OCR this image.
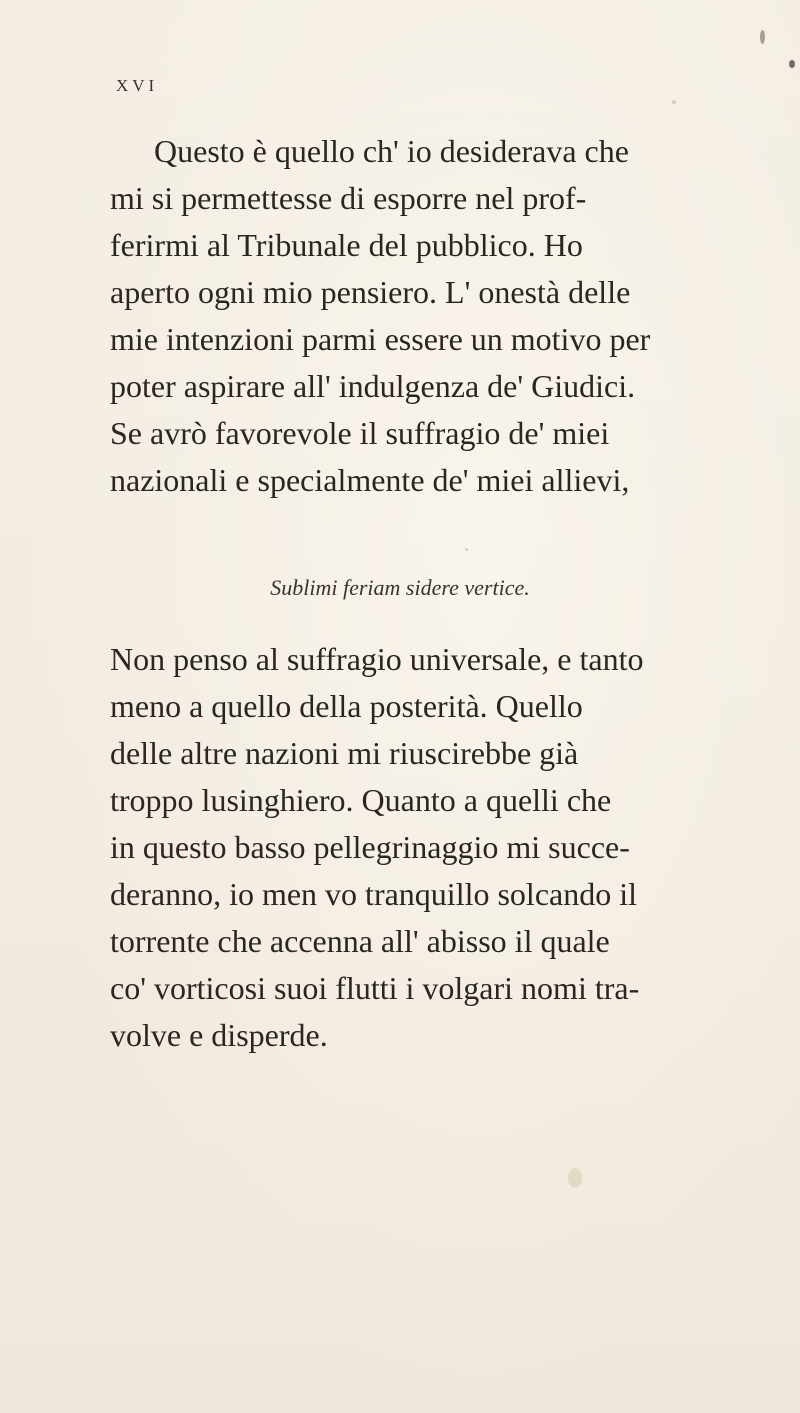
XVI

Questo è quello ch' io desiderava che
mi si permettesse di esporre nel prof-
ferirmi al Tribunale del pubblico. Ho
aperto ogni mio pensiero. L' onestà delle
mie intenzioni parmi essere un motivo per
poter aspirare all' indulgenza de' Giudici.
Se avrò favorevole il suffragio de' miei
nazionali e specialmente de' miei allievi,

Sublimi feriam sidere vertice.

Non penso al suffragio universale, e tanto
meno a quello della posterità. Quello
delle altre nazioni mi riuscirebbe già
troppo lusinghiero. Quanto a quelli che
in questo basso pellegrinaggio mi succe-
deranno, io men vo tranquillo solcando il
torrente che accenna all' abisso il quale
co' vorticosi suoi flutti i volgari nomi tra-
volve e disperde.
